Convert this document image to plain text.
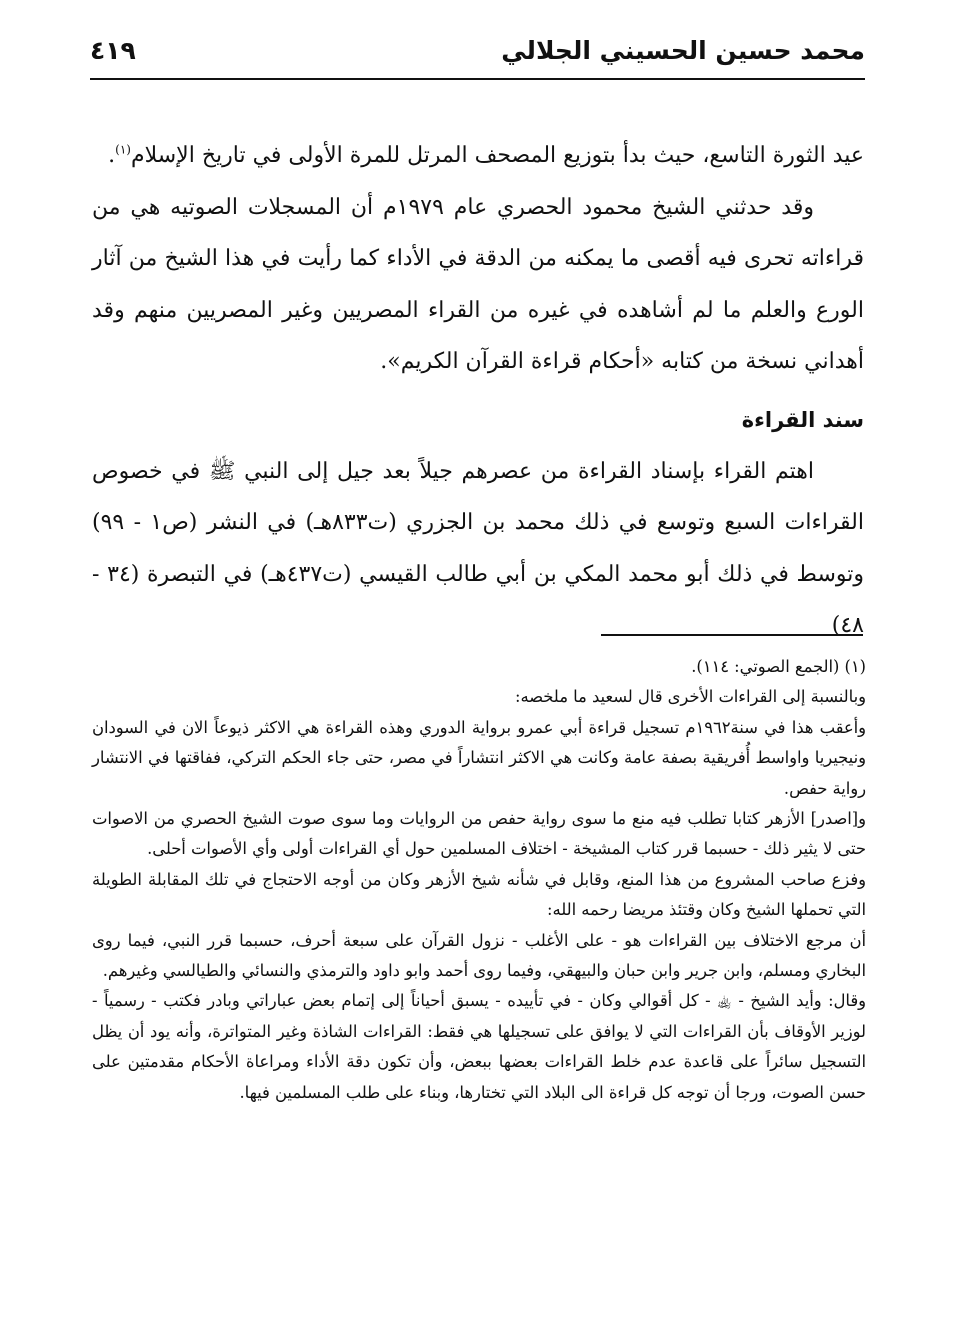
محمد حسين الحسيني الجلالي
٤١٩

عيد الثورة التاسع، حيث بدأ بتوزيع المصحف المرتل للمرة الأولى في تاريخ الإسلام$^{(١)}$.

وقد حدثني الشيخ محمود الحصري عام ١٩٧٩م أن المسجلات الصوتيه هي من قراءاته تحرى فيه أقصى ما يمكنه من الدقة في الأداء كما رأيت في هذا الشيخ من آثار الورع والعلم ما لم أشاهده في غيره من القراء المصريين وغير المصريين منهم وقد أهداني نسخة من كتابه «أحكام قراءة القرآن الكريم».

سند القراءة

اهتم القراء بإسناد القراءة من عصرهم جيلاً بعد جيل إلى النبي ﷺ في خصوص القراءات السبع وتوسع في ذلك محمد بن الجزري (ت٨٣٣هـ) في النشر (ص١ - ٩٩) وتوسط في ذلك أبو محمد المكي بن أبي طالب القيسي (ت٤٣٧هـ) في التبصرة (٣٤ - ٤٨)

(١) (الجمع الصوتي: ١١٤).

وبالنسبة إلى القراءات الأخرى قال لسعيد ما ملخصه:

وأعقب هذا في سنة١٩٦٢م تسجيل قراءة أبي عمرو برواية الدوري وهذه القراءة هي الاكثر ذيوعاً الان في السودان ونيجيريا واواسط أُفريقية بصفة عامة وكانت هي الاكثر انتشاراً في مصر، حتى جاء الحكم التركي، ففاقتها في الانتشار رواية حفص.

و[اصدر] الأزهر كتابا تطلب فيه منع ما سوى رواية حفص من الروايات وما سوى صوت الشيخ الحصري من الاصوات حتى لا يثير ذلك - حسبما قرر كتاب المشيخة - اختلاف المسلمين حول أي القراءات أولى وأي الأصوات أحلى.

وفزع صاحب المشروع من هذا المنع، وقابل في شأنه شيخ الأزهر وكان من أوجه الاحتجاج في تلك المقابلة الطويلة التي تحملها الشيخ وكان وقتئذ مريضا رحمه الله:

أن مرجع الاختلاف بين القراءات هو - على الأغلب - نزول القرآن على سبعة أحرف، حسبما قرر النبي، فيما روى البخاري ومسلم، وابن جرير وابن حبان والبيهقي، وفيما روى أحمد وابو داود والترمذي والنسائي والطيالسي وغيرهم.

وقال: وأيد الشيخ - ﵀ - كل أقوالي وكان - في تأييده - يسبق أحياناً إلى إتمام بعض عباراتي وبادر فكتب - رسمياً - لوزير الأوقاف بأن القراءات التي لا يوافق على تسجيلها هي فقط: القراءات الشاذة وغير المتواترة، وأنه يود أن يظل التسجيل سائراً على قاعدة عدم خلط القراءات بعضها ببعض، وأن تكون دقة الأداء ومراعاة الأحكام مقدمتين على حسن الصوت، ورجا أن توجه كل قراءة الى البلاد التي تختارها، وبناء على طلب المسلمين فيها.
